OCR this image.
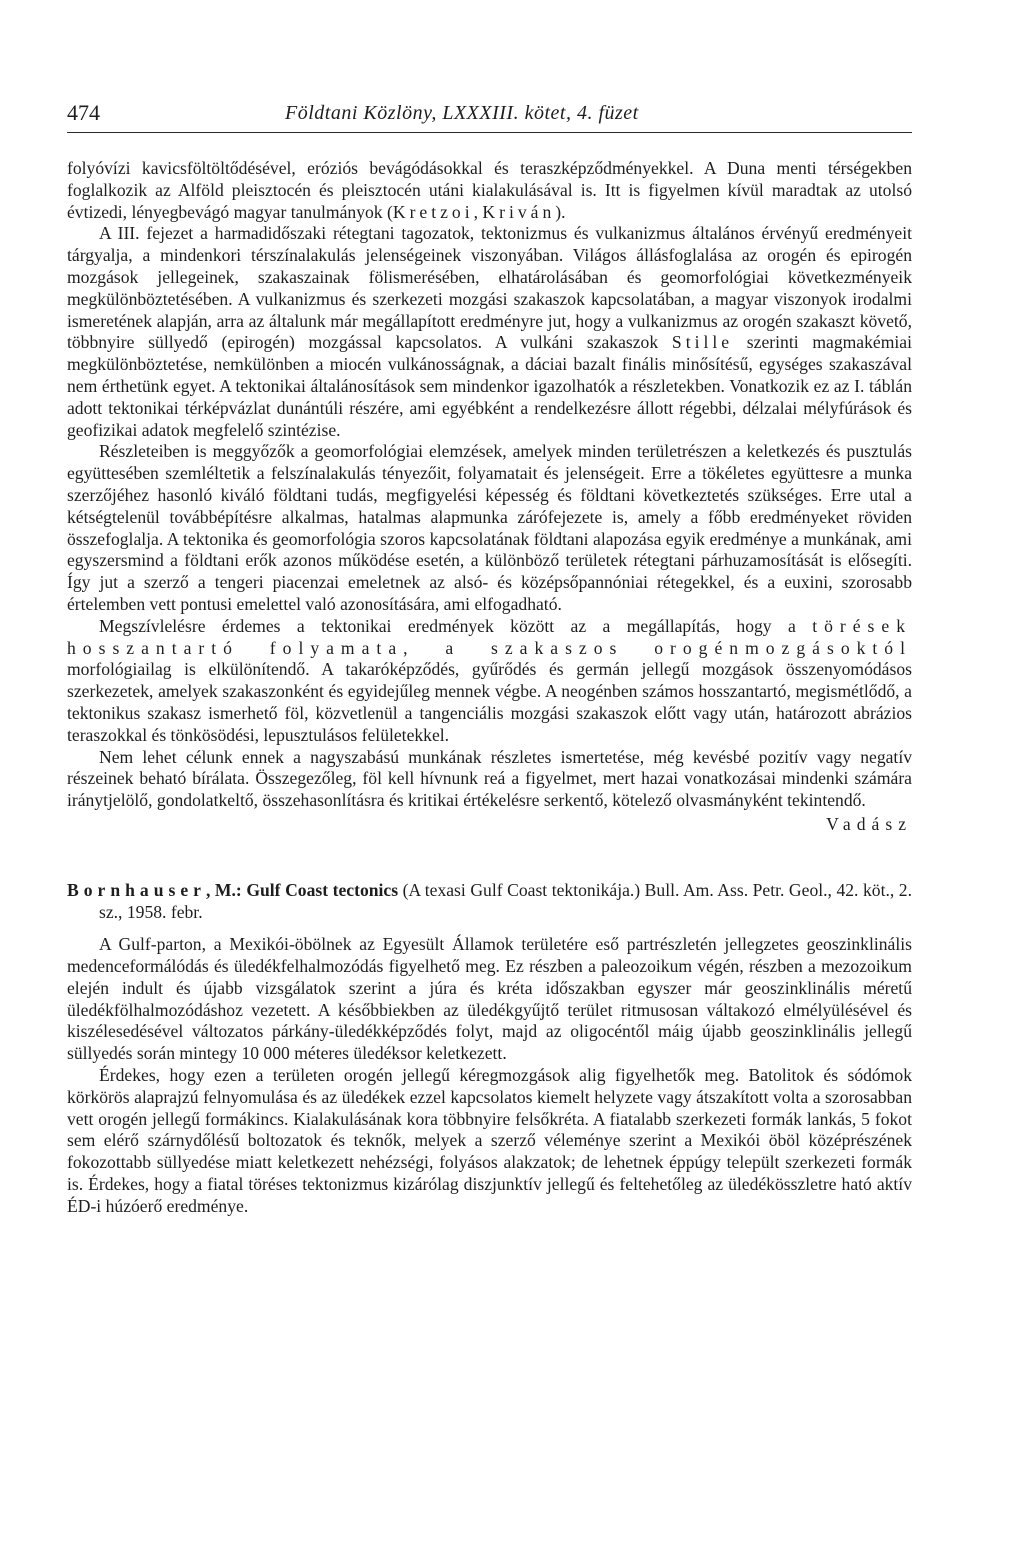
474	Földtani Közlöny, LXXXIII. kötet, 4. füzet

folyóvízi kavicsföltöltődésével, eróziós bevágódásokkal és teraszképződményekkel. A Duna menti térségekben foglalkozik az Alföld pleisztocén és pleisztocén utáni kialakulásával is. Itt is figyelmen kívül maradtak az utolsó évtizedi, lényegbevágó magyar tanulmányok (Kretzoi, Kriván).

A III. fejezet a harmadidőszaki rétegtani tagozatok, tektonizmus és vulkanizmus általános érvényű eredményeit tárgyalja, a mindenkori térszínalakulás jelenségeinek viszonyában. Világos állásfoglalása az orogén és epirogén mozgások jellegeinek, szakaszainak fölismerésében, elhatárolásában és geomorfológiai következményeik megkülönböztetésében. A vulkanizmus és szerkezeti mozgási szakaszok kapcsolatában, a magyar viszonyok irodalmi ismeretének alapján, arra az általunk már megállapított eredményre jut, hogy a vulkanizmus az orogén szakaszt követő, többnyire süllyedő (epirogén) mozgással kapcsolatos. A vulkáni szakaszok Stille szerinti magmakémiai megkülönböztetése, nemkülönben a miocén vulkánosságnak, a dáciai bazalt finális minősítésű, egységes szakaszával nem érthetünk egyet. A tektonikai általánosítások sem mindenkor igazolhatók a részletekben. Vonatkozik ez az I. táblán adott tektonikai térképvázlat dunántúli részére, ami egyébként a rendelkezésre állott régebbi, délzalai mélyfúrások és geofizikai adatok megfelelő szintézise.

Részleteiben is meggyőzők a geomorfológiai elemzések, amelyek minden területrészen a keletkezés és pusztulás együttesében szemléltetik a felszínalakulás tényezőit, folyamatait és jelenségeit. Erre a tökéletes együttesre a munka szerzőjéhez hasonló kiváló földtani tudás, megfigyelési képesség és földtani következtetés szükséges. Erre utal a kétségtelenül továbbépítésre alkalmas, hatalmas alapmunka zárófejezete is, amely a főbb eredményeket röviden összefoglalja. A tektonika és geomorfológia szoros kapcsolatának földtani alapozása egyik eredménye a munkának, ami egyszersmind a földtani erők azonos működése esetén, a különböző területek rétegtani párhuzamosítását is elősegíti. Így jut a szerző a tengeri piacenzai emeletnek az alsó- és középsőpannóniai rétegekkel, és a euxini, szorosabb értelemben vett pontusi emelettel való azonosítására, ami elfogadható.

Megszívlelésre érdemes a tektonikai eredmények között az a megállapítás, hogy a törések hosszantartó folyamata, a szakaszos orogénmozgásoktól morfológiailag is elkülönítendő. A takaróképződés, gyűrődés és germán jellegű mozgások összenyomódásos szerkezetek, amelyek szakaszonként és egyidejűleg mennek végbe. A neogénben számos hosszantartó, megismétlődő, a tektonikus szakasz ismerhető föl, közvetlenül a tangenciális mozgási szakaszok előtt vagy után, határozott abrázios teraszokkal és tönkösödési, lepusztulásos felületekkel.

Nem lehet célunk ennek a nagyszabású munkának részletes ismertetése, még kevésbé pozitív vagy negatív részeinek beható bírálata. Összegezőleg, föl kell hívnunk reá a figyelmet, mert hazai vonatkozásai mindenki számára iránytjelölő, gondolatkeltő, összehasonlításra és kritikai értékelésre serkentő, kötelező olvasmányként tekintendő.

Vadász

Bornhauser, M.: Gulf Coast tectonics (A texasi Gulf Coast tektonikája.) Bull. Am. Ass. Petr. Geol., 42. köt., 2. sz., 1958. febr.

A Gulf-parton, a Mexikói-öbölnek az Egyesült Államok területére eső partrészletén jellegzetes geoszinklinális medenceformálódás és üledékfelhalmozódás figyelhető meg. Ez részben a paleozoikum végén, részben a mezozoikum elején indult és újabb vizsgálatok szerint a júra és kréta időszakban egyszer már geoszinklinális méretű üledékfölhalmozódáshoz vezetett. A későbbiekben az üledékgyűjtő terület ritmusosan váltakozó elmélyülésével és kiszélesedésével változatos párkány-üledékképződés folyt, majd az oligocéntől máig újabb geoszinklinális jellegű süllyedés során mintegy 10 000 méteres üledéksor keletkezett.

Érdekes, hogy ezen a területen orogén jellegű kéregmozgások alig figyelhetők meg. Batolitok és sódómok körkörös alaprajzú felnyomulása és az üledékek ezzel kapcsolatos kiemelt helyzete vagy átszakított volta a szorosabban vett orogén jellegű formákincs. Kialakulásának kora többnyire felsőkréta. A fiatalabb szerkezeti formák lankás, 5 fokot sem elérő szárnydőlésű boltozatok és teknők, melyek a szerző véleménye szerint a Mexikói öböl középrészének fokozottabb süllyedése miatt keletkezett nehézségi, folyásos alakzatok; de lehetnek éppúgy települt szerkezeti formák is. Érdekes, hogy a fiatal töréses tektonizmus kizárólag diszjunktív jellegű és feltehetőleg az üledékösszletre ható aktív ÉD-i húzóerő eredménye.
